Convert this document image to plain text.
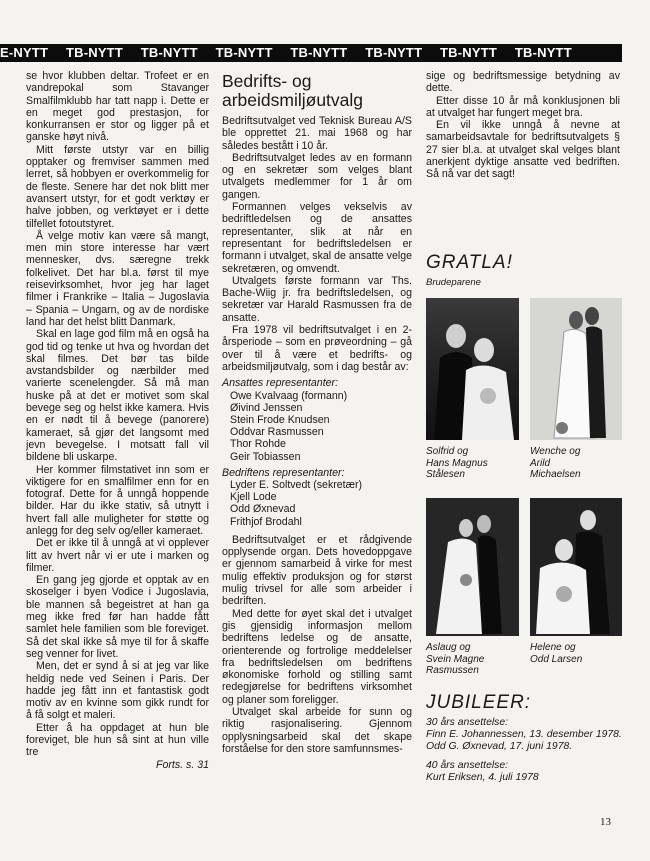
E-NYTT TB-NYTT TB-NYTT TB-NYTT TB-NYTT TB-NYTT TB-NYTT TB-NYTT

se hvor klubben deltar. Trofeet er en vandrepokal som Stavanger Smalfilmklubb har tatt napp i. Dette er en meget god prestasjon, for konkurransen er stor og ligger på et ganske høyt nivå.

Mitt første utstyr var en billig opptaker og fremviser sammen med lerret, så hobbyen er overkommelig for de fleste. Senere har det nok blitt mer avansert utstyr, for et godt verktøy er halve jobben, og verktøyet er i dette tilfellet fotoutstyret.

Å velge motiv kan være så mangt, men min store interesse har vært mennesker, dvs. særegne trekk folkelivet. Det har bl.a. først til mye reisevirksomhet, hvor jeg har laget filmer i Frankrike – Italia – Jugoslavia – Spania – Ungarn, og av de nordiske land har det helst blitt Danmark.

Skal en lage god film må en også ha god tid og tenke ut hva og hvordan det skal filmes. Det bør tas bilde avstandsbilder og nærbilder med varierte scenelengder. Så må man huske på at det er motivet som skal bevege seg og helst ikke kamera. Hvis en er nødt til å bevege (panorere) kameraet, så gjør det langsomt med jevn bevegelse. I motsatt fall vil bildene bli uskarpe.

Her kommer filmstativet inn som er viktigere for en smalfilmer enn for en fotograf. Dette for å unngå hoppende bilder. Har du ikke stativ, så utnytt i hvert fall alle muligheter for støtte og anlegg for deg selv og/eller kameraet.

Det er ikke til å unngå at vi opplever litt av hvert når vi er ute i marken og filmer.

En gang jeg gjorde et opptak av en skoselger i byen Vodice i Jugoslavia, ble mannen så begeistret at han ga meg ikke fred før han hadde fått samlet hele familien som ble foreviget. Så det skal ikke så mye til for å skaffe seg venner for livet.

Men, det er synd å si at jeg var like heldig nede ved Seinen i Paris. Der hadde jeg fått inn et fantastisk godt motiv av en kvinne som gikk rundt for å få solgt et maleri.

Etter å ha oppdaget at hun ble foreviget, ble hun så sint at hun ville tre

Forts. s. 31
Bedrifts- og arbeidsmiljøutvalg

Bedriftsutvalget ved Teknisk Bureau A/S ble opprettet 21. mai 1968 og har således bestått i 10 år.

Bedriftsutvalget ledes av en formann og en sekretær som velges blant utvalgets medlemmer for 1 år om gangen.

Formannen velges vekselvis av bedriftledelsen og de ansattes representanter, slik at når en representant for bedriftsledelsen er formann i utvalget, skal de ansatte velge sekretæren, og omvendt.

Utvalgets første formann var Ths. Bache-Wiig jr. fra bedriftsledelsen, og sekretær var Harald Rasmussen fra de ansatte.

Fra 1978 vil bedriftsutvalget i en 2-årsperiode – som en prøveordning – gå over til å være et bedrifts- og arbeidsmiljøutvalg, som i dag består av:

Ansattes representanter:
Owe Kvalvaag (formann)
Øivind Jenssen
Stein Frode Knudsen
Oddvar Rasmussen
Thor Rohde
Geir Tobiassen
Bedriftens representanter:
Lyder E. Soltvedt (sekretær)
Kjell Lode
Odd Øxnevad
Frithjof Brodahl

Bedriftsutvalget er et rådgivende opplysende organ. Dets hovedoppgave er gjennom samarbeid å virke for mest mulig effektiv produksjon og for størst mulig trivsel for alle som arbeider i bedriften.

Med dette for øyet skal det i utvalget gis gjensidig informasjon mellom bedriftens ledelse og de ansatte, orienterende og fortrolige meddelelser fra bedriftsledelsen om bedriftens økonomiske forhold og stilling samt redegjørelse for bedriftens virksomhet og planer som foreligger.

Utvalget skal arbeide for sunn og riktig rasjonalisering. Gjennom opplysningsarbeid skal det skape forståelse for den store samfunnsmes-

sige og bedriftsmessige betydning av dette.

Etter disse 10 år må konklusjonen bli at utvalget har fungert meget bra.

En vil ikke unngå å nevne at samarbeidsavtale for bedriftsutvalgets § 27 sier bl.a. at utvalget skal velges blant anerkjent dyktige ansatte ved bedriften. Så nå var det sagt!

GRATLA!
Brudeparene
Solfrid og
Hans Magnus
Stålesen
Wenche og
Arild
Michaelsen
Aslaug og
Svein Magne
Rasmussen
Helene og
Odd Larsen
JUBILEER:
30 års ansettelse:
Finn E. Johannessen, 13. desember 1978.
Odd G. Øxnevad, 17. juni 1978.
40 års ansettelse:
Kurt Eriksen, 4. juli 1978
13
